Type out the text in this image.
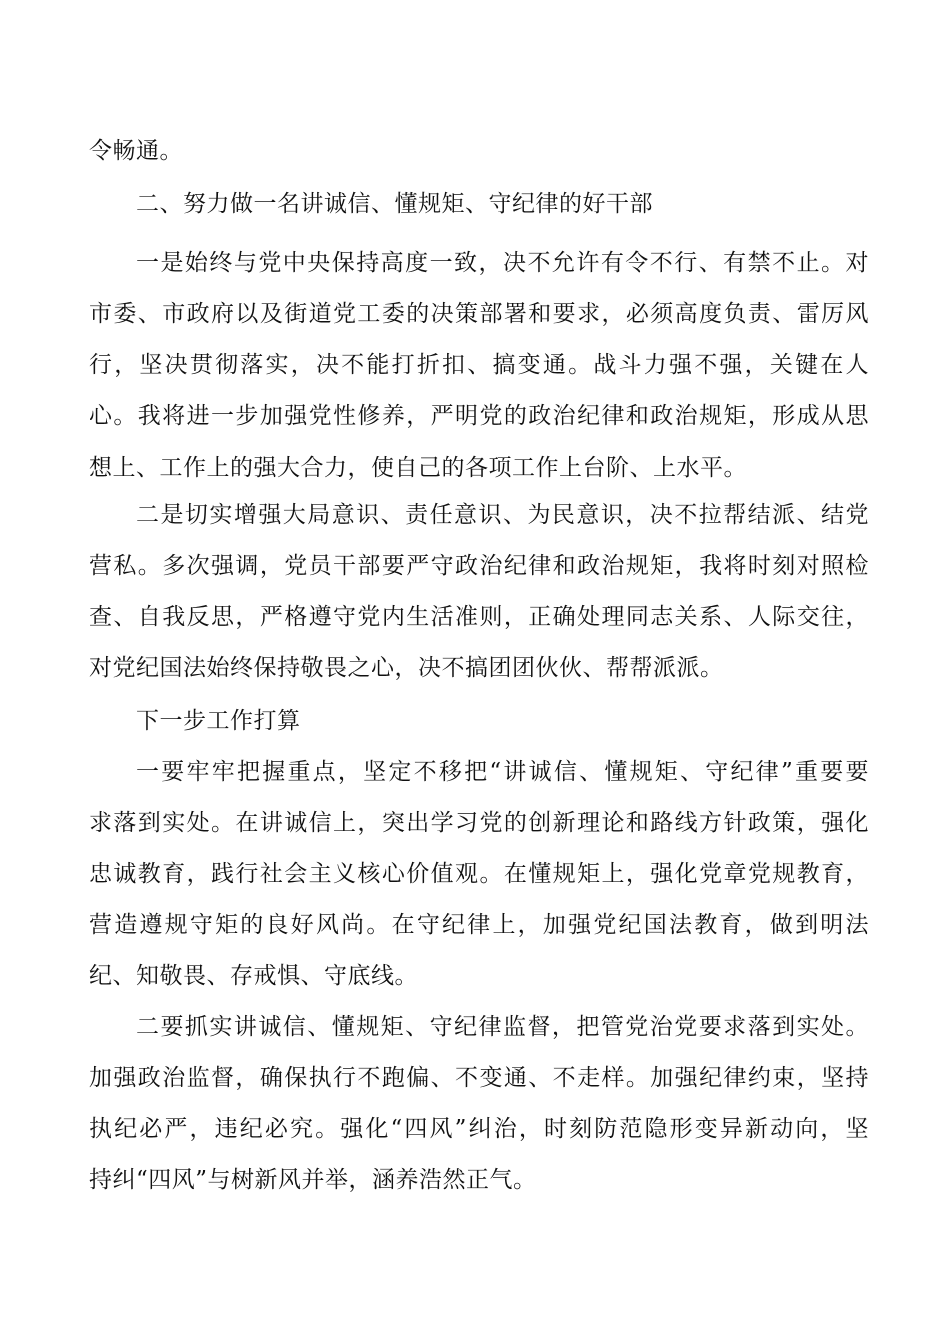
令畅通。
二、努力做一名讲诚信、懂规矩、守纪律的好干部
一是始终与党中央保持高度一致，决不允许有令不行、有禁不止。对
市委、市政府以及街道党工委的决策部署和要求，必须高度负责、雷厉风
行，坚决贯彻落实，决不能打折扣、搞变通。战斗力强不强，关键在人
心。我将进一步加强党性修养，严明党的政治纪律和政治规矩，形成从思
想上、工作上的强大合力，使自己的各项工作上台阶、上水平。
二是切实增强大局意识、责任意识、为民意识，决不拉帮结派、结党
营私。多次强调，党员干部要严守政治纪律和政治规矩，我将时刻对照检
查、自我反思，严格遵守党内生活准则，正确处理同志关系、人际交往，
对党纪国法始终保持敬畏之心，决不搞团团伙伙、帮帮派派。
下一步工作打算
一要牢牢把握重点，坚定不移把“讲诚信、懂规矩、守纪律”重要要
求落到实处。在讲诚信上，突出学习党的创新理论和路线方针政策，强化
忠诚教育，践行社会主义核心价值观。在懂规矩上，强化党章党规教育，
营造遵规守矩的良好风尚。在守纪律上，加强党纪国法教育，做到明法
纪、知敬畏、存戒惧、守底线。
二要抓实讲诚信、懂规矩、守纪律监督，把管党治党要求落到实处。
加强政治监督，确保执行不跑偏、不变通、不走样。加强纪律约束，坚持
执纪必严，违纪必究。强化“四风”纠治，时刻防范隐形变异新动向，坚
持纠“四风”与树新风并举，涵养浩然正气。
